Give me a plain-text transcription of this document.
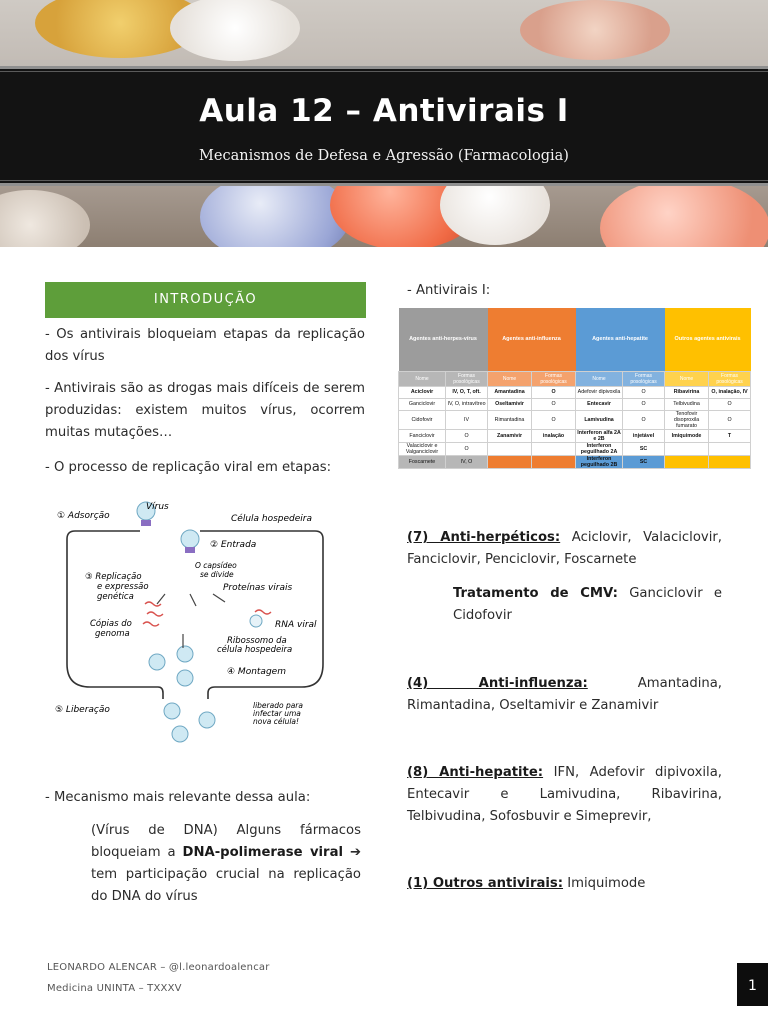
Aula 12 – Antivirais I
Mecanismos de Defesa e Agressão (Farmacologia)
INTRODUÇÃO
- Os antivirais bloqueiam etapas da replicação dos vírus
- Antivirais são as drogas mais difíceis de serem produzidas: existem muitos vírus, ocorrem muitas mutações…
- O processo de replicação viral em etapas:
Vírus
① Adsorção	Célula hospedeira
② Entrada
O capsídeo
se divide
③ Replicação
e expressão
genética
Proteínas virais
Cópias do
genoma
RNA viral
Ribossomo da
célula hospedeira
④ Montagem
⑤ Liberação	liberado para
infectar uma
nova célula!
- Mecanismo mais relevante dessa aula:
(Vírus de DNA) Alguns fármacos bloqueiam a DNA-polimerase viral ➔ tem participação crucial na replicação do DNA do vírus
- Antivirais I:
Agentes anti-herpes-vírus		Agentes anti-influenza		Agentes anti-hepatite		Outros agentes antivirais	
Nome	Formas posológicas	Nome	Formas posológicas	Nome	Formas posológicas	Nome	Formas posológicas
Aciclovir	IV, O, T, oft.	Amantadina	O	Adefovir dipivoxila	O	Ribavirina	O, inalação, IV
Ganciclovir	IV, O, intravítreo	Oseltamivir	O	Entecavir	O	Telbivudina	O
Cidofovir	IV	Rimantadina	O	Lamivudina	O	Tenofovir disoproxila fumarato	O
Fanciclovir	O	Zanamivir	inalação	Interferon alfa 2A e 2B	injetável	Imiquimode	T
Valaciclovir e Valganciclovir	O			Interferon peguilhado 2A	SC		
Foscarnete	IV, O			Interferon peguilhado 2B	SC		
(7) Anti-herpéticos: Aciclovir, Valaciclovir, Fanciclovir, Penciclovir, Foscarnete
Tratamento de CMV: Ganciclovir e Cidofovir
(4) Anti-influenza: Amantadina, Rimantadina, Oseltamivir e Zanamivir
(8) Anti-hepatite: IFN, Adefovir dipivoxila, Entecavir e Lamivudina, Ribavirina, Telbivudina, Sofosbuvir e Simeprevir,
(1) Outros antivirais: Imiquimode
LEONARDO ALENCAR – @l.leonardoalencar
Medicina UNINTA – TXXXV	1
